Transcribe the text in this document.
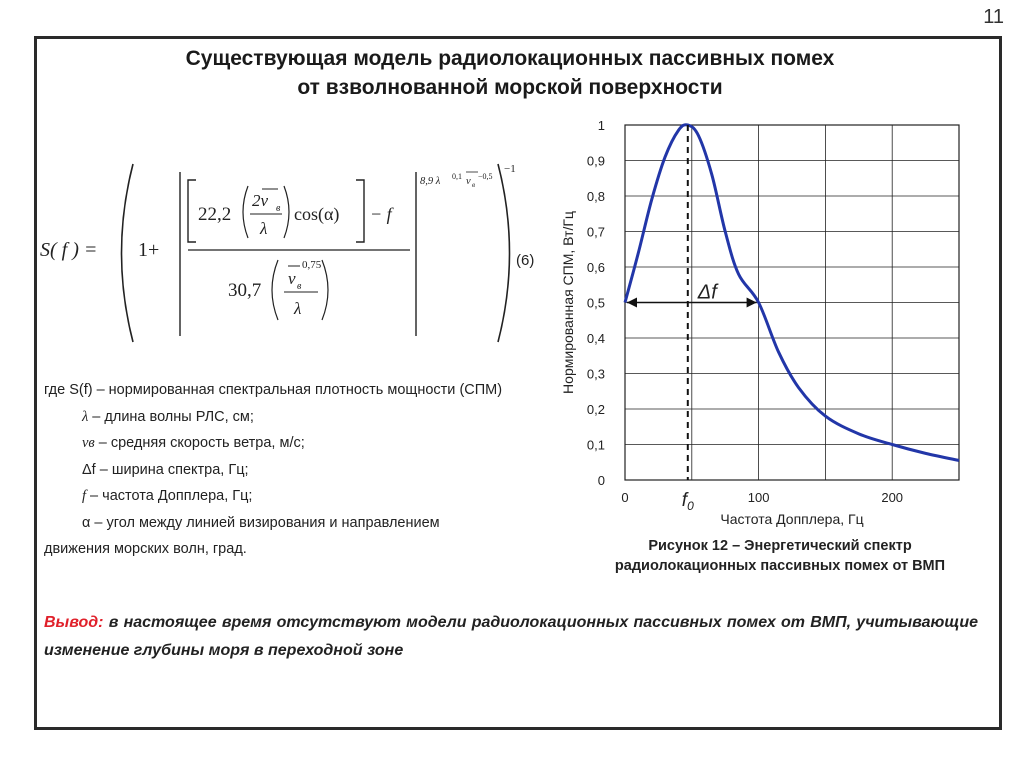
11
Существующая модель радиолокационных пассивных помех
от взволнованной морской поверхности
S( f ) = 1+
22,2
2v в
λ
cos(α) − f
30,7
v в
0,75
λ
8,9 λ 0,1 v в
−0,5
−1
(6)
где S(f) – нормированная спектральная плотность мощности (СПМ)
λ – длина волны РЛС, см;
vв – средняя скорость ветра, м/с;
Δf – ширина спектра, Гц;
f – частота Допплера, Гц;
α – угол между линией визирования и направлением
движения морских волн, град.
0
0,1
0,2
0,3
0,4
0,5
0,6
0,7
0,8
0,9
1
0	100	200
$f_0$
Δf
Частота Допплера, Гц
Нормированная СПМ, Вт/Гц
Рисунок 12 – Энергетический спектр
радиолокационных пассивных помех от ВМП
Вывод: в настоящее время отсутствуют модели радиолокационных пассивных помех от ВМП, учитывающие изменение глубины моря в переходной зоне
